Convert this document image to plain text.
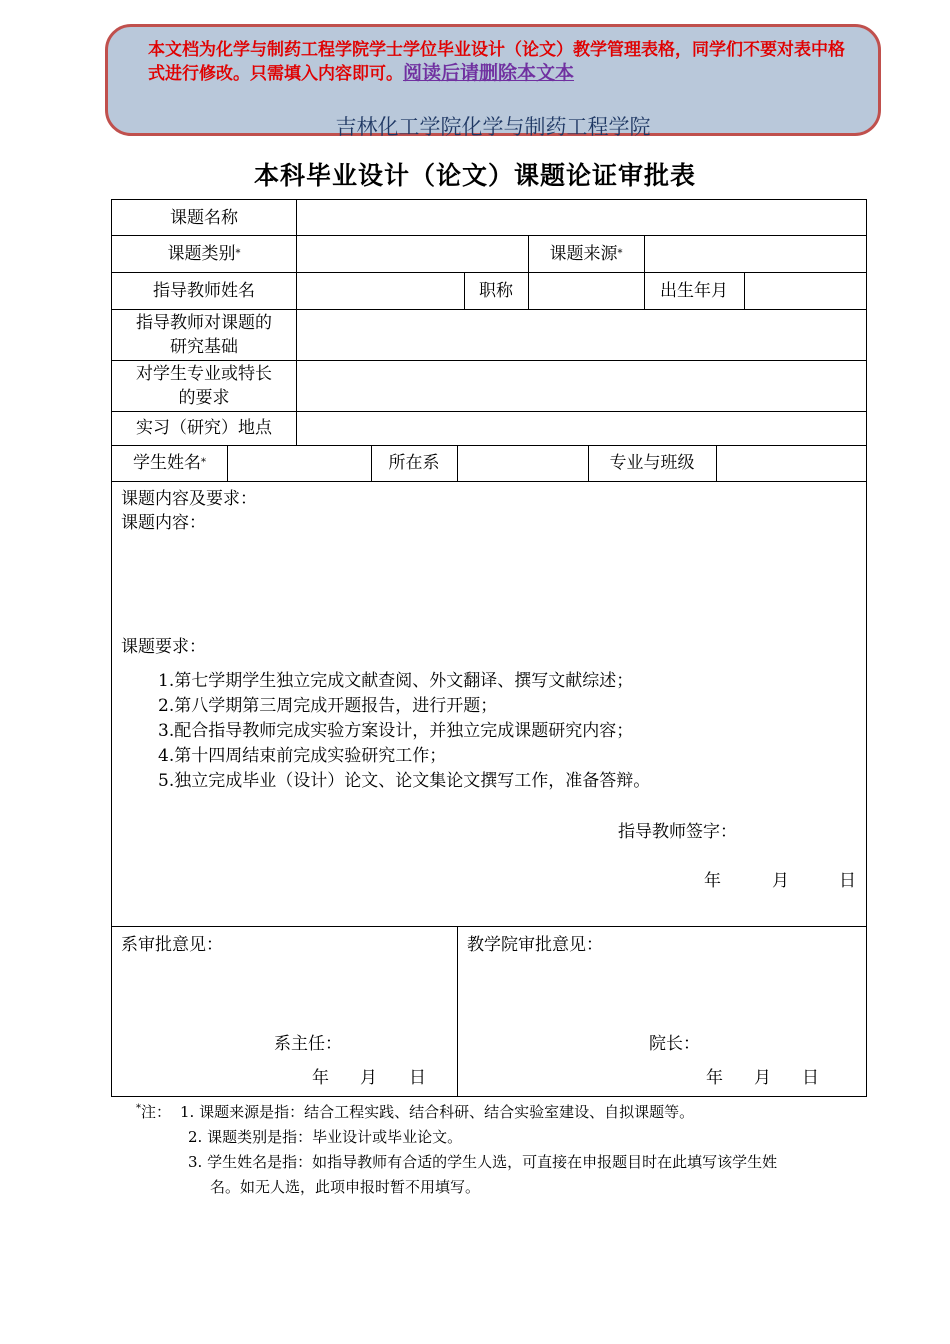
本文档为化学与制药工程学院学士学位毕业设计（论文）教学管理表格，同学们不要对表中格式进行修改。只需填入内容即可。阅读后请删除本文本
吉林化工学院化学与制药工程学院
本科毕业设计（论文）课题论证审批表
课题名称
课题类别 *	课题来源 *
指导教师姓名	职称	出生年月
指导教师对课题的
研究基础
对学生专业或特长
的要求
实习（研究）地点
学生姓名 *	所在系	专业与班级
课题内容及要求：
课题内容：
课题要求：
1.第七学期学生独立完成文献查阅、外文翻译、撰写文献综述；
2.第八学期第三周完成开题报告，进行开题；
3.配合指导教师完成实验方案设计，并独立完成课题研究内容；
4.第十四周结束前完成实验研究工作；
5.独立完成毕业（设计）论文、论文集论文撰写工作，准备答辩。
指导教师签字：
年	月	日
系审批意见：
系主任：
年 月 日
教学院审批意见：
院长：
年 月 日
*注： 1. 课题来源是指：结合工程实践、结合科研、结合实验室建设、自拟课题等。
2. 课题类别是指：毕业设计或毕业论文。
3. 学生姓名是指：如指导教师有合适的学生人选，可直接在申报题目时在此填写该学生姓
名。如无人选，此项申报时暂不用填写。
